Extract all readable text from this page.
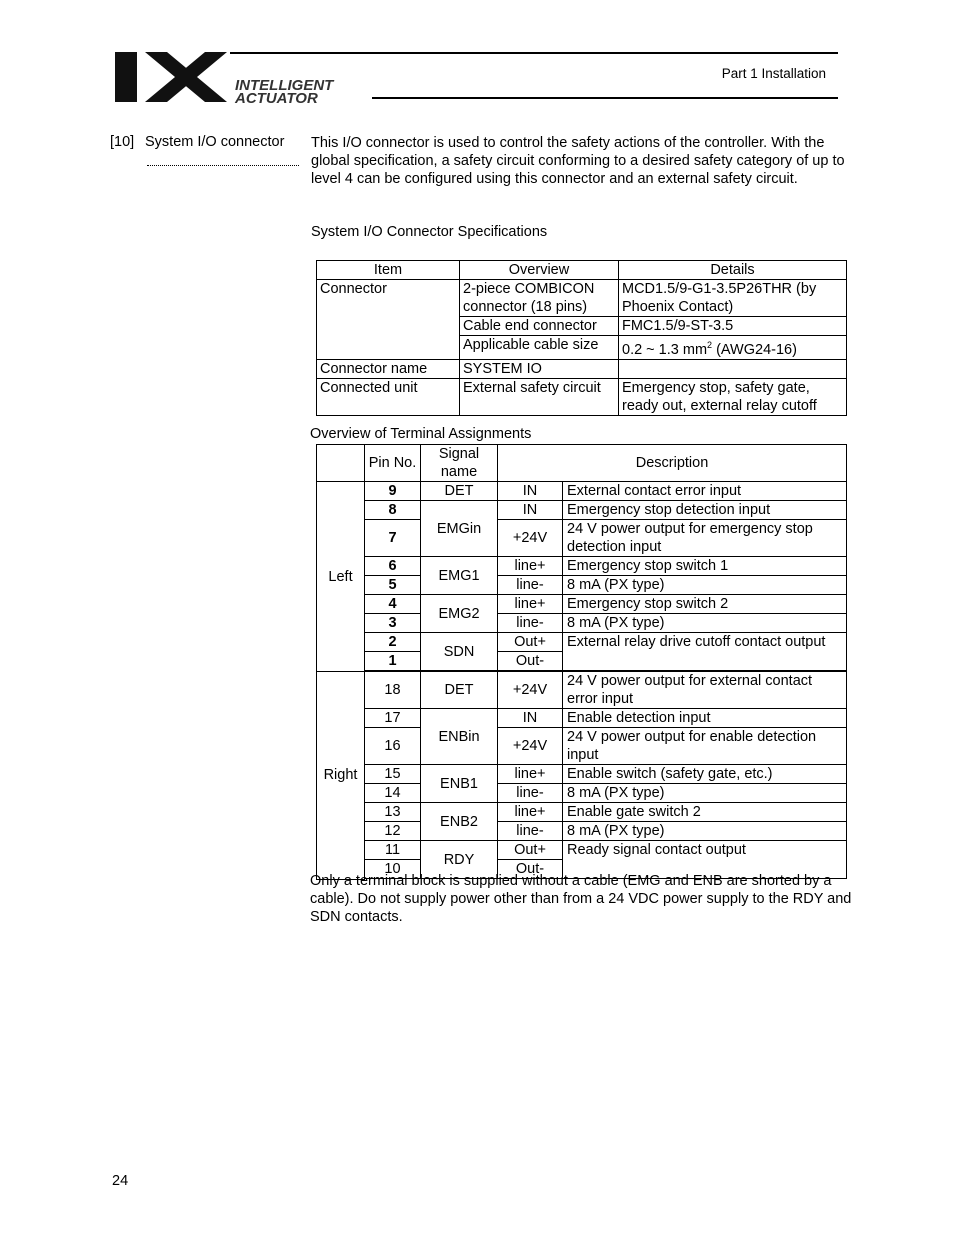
INTELLIGENT
ACTUATOR
Part 1 Installation
[10] System I/O connector This I/O connector is used to control the safety actions of the controller. With the global specification, a safety circuit conforming to a desired safety category of up to level 4 can be configured using this connector and an external safety circuit.
System I/O Connector Specifications
Item	Overview	Details
Connector	2-piece COMBICON connector (18 pins)	MCD1.5/9-G1-3.5P26THR (by Phoenix Contact)
	Cable end connector	FMC1.5/9-ST-3.5
	Applicable cable size	0.2 ~ 1.3 $mm^2$ (AWG24-16)
Connector name	SYSTEM IO	
Connected unit	External safety circuit	Emergency stop, safety gate, ready out, external relay cutoff
Overview of Terminal Assignments
	Pin No.	Signal name	Description	
Left	9	DET	IN	External contact error input
	8	EMGin	IN	Emergency stop detection input
	7		+24V	24 V power output for emergency stop detection input
	6	EMG1	line+	Emergency stop switch 1
	5		line-	8 mA (PX type)
	4	EMG2	line+	Emergency stop switch 2
	3		line-	8 mA (PX type)
	2	SDN	Out+	External relay drive cutoff contact output
	1		Out-	

Right	18	DET	+24V	24 V power output for external contact error input
	17	ENBin	IN	Enable detection input
	16		+24V	24 V power output for enable detection input
	15	ENB1	line+	Enable switch (safety gate, etc.)
	14		line-	8 mA (PX type)
	13	ENB2	line+	Enable gate switch 2
	12		line-	8 mA (PX type)
	11	RDY	Out+	Ready signal contact output
	10		Out-	

Only a terminal block is supplied without a cable (EMG and ENB are shorted by a cable). Do not supply power other than from a 24 VDC power supply to the RDY and SDN contacts.
24
